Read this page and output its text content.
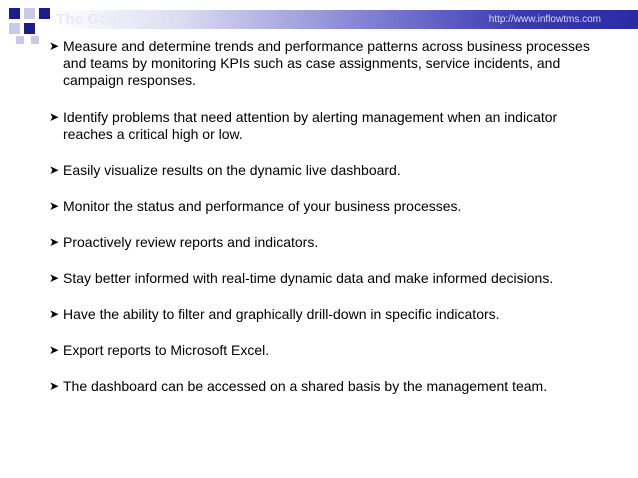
The Goals	http://www.inflowtms.com
➤ Measure and determine trends and performance patterns across business processes and teams by monitoring KPIs such as case assignments, service incidents, and campaign responses.
➤ Identify problems that need attention by alerting management when an indicator reaches a critical high or low.
➤ Easily visualize results on the dynamic live dashboard.
➤ Monitor the status and performance of your business processes.
➤ Proactively review reports and indicators.
➤ Stay better informed with real-time dynamic data and make informed decisions.
➤ Have the ability to filter and graphically drill-down in specific indicators.
➤ Export reports to Microsoft Excel.
➤ The dashboard can be accessed on a shared basis by the management team.
